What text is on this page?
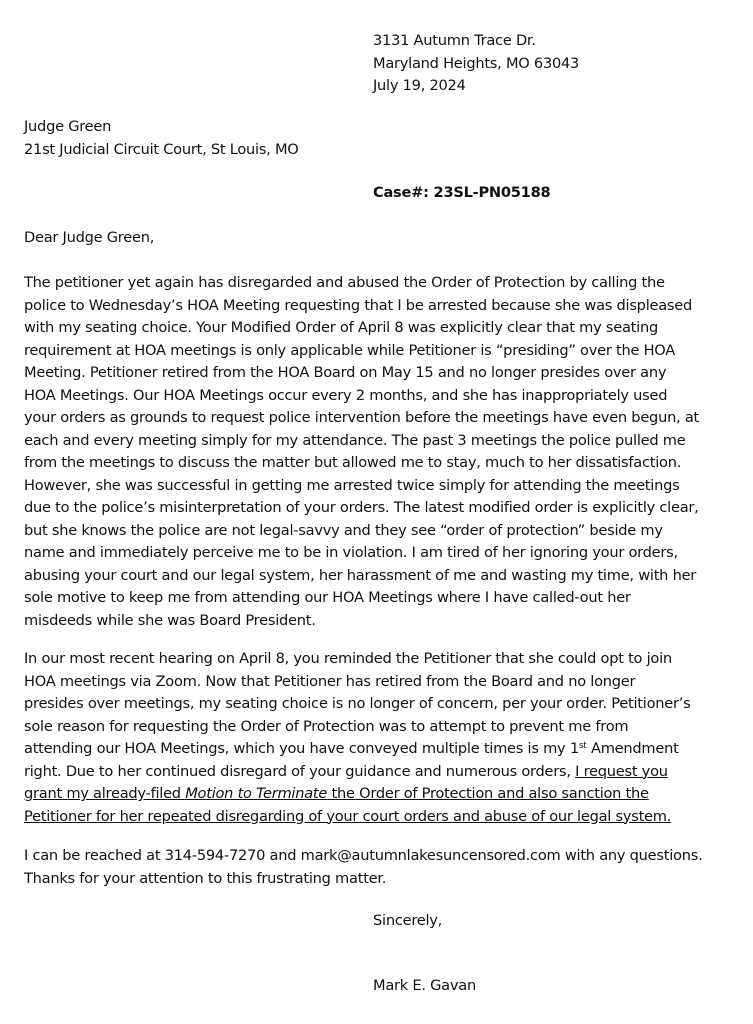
3131 Autumn Trace Dr.
Maryland Heights, MO 63043
July 19, 2024
Judge Green
21st Judicial Circuit Court, St Louis, MO
Case#: 23SL-PN05188
Dear Judge Green,
The petitioner yet again has disregarded and abused the Order of Protection by calling the
police to Wednesday’s HOA Meeting requesting that I be arrested because she was displeased
with my seating choice. Your Modified Order of April 8 was explicitly clear that my seating
requirement at HOA meetings is only applicable while Petitioner is “presiding” over the HOA
Meeting. Petitioner retired from the HOA Board on May 15 and no longer presides over any
HOA Meetings. Our HOA Meetings occur every 2 months, and she has inappropriately used
your orders as grounds to request police intervention before the meetings have even begun, at
each and every meeting simply for my attendance. The past 3 meetings the police pulled me
from the meetings to discuss the matter but allowed me to stay, much to her dissatisfaction.
However, she was successful in getting me arrested twice simply for attending the meetings
due to the police’s misinterpretation of your orders. The latest modified order is explicitly clear,
but she knows the police are not legal-savvy and they see “order of protection” beside my
name and immediately perceive me to be in violation. I am tired of her ignoring your orders,
abusing your court and our legal system, her harassment of me and wasting my time, with her
sole motive to keep me from attending our HOA Meetings where I have called-out her
misdeeds while she was Board President.
In our most recent hearing on April 8, you reminded the Petitioner that she could opt to join
HOA meetings via Zoom. Now that Petitioner has retired from the Board and no longer
presides over meetings, my seating choice is no longer of concern, per your order. Petitioner’s
sole reason for requesting the Order of Protection was to attempt to prevent me from
attending our HOA Meetings, which you have conveyed multiple times is my 1st Amendment
right. Due to her continued disregard of your guidance and numerous orders, I request you
grant my already-filed Motion to Terminate the Order of Protection and also sanction the
Petitioner for her repeated disregarding of your court orders and abuse of our legal system.
I can be reached at 314-594-7270 and mark@autumnlakesuncensored.com with any questions.
Thanks for your attention to this frustrating matter.
Sincerely,
Mark E. Gavan
